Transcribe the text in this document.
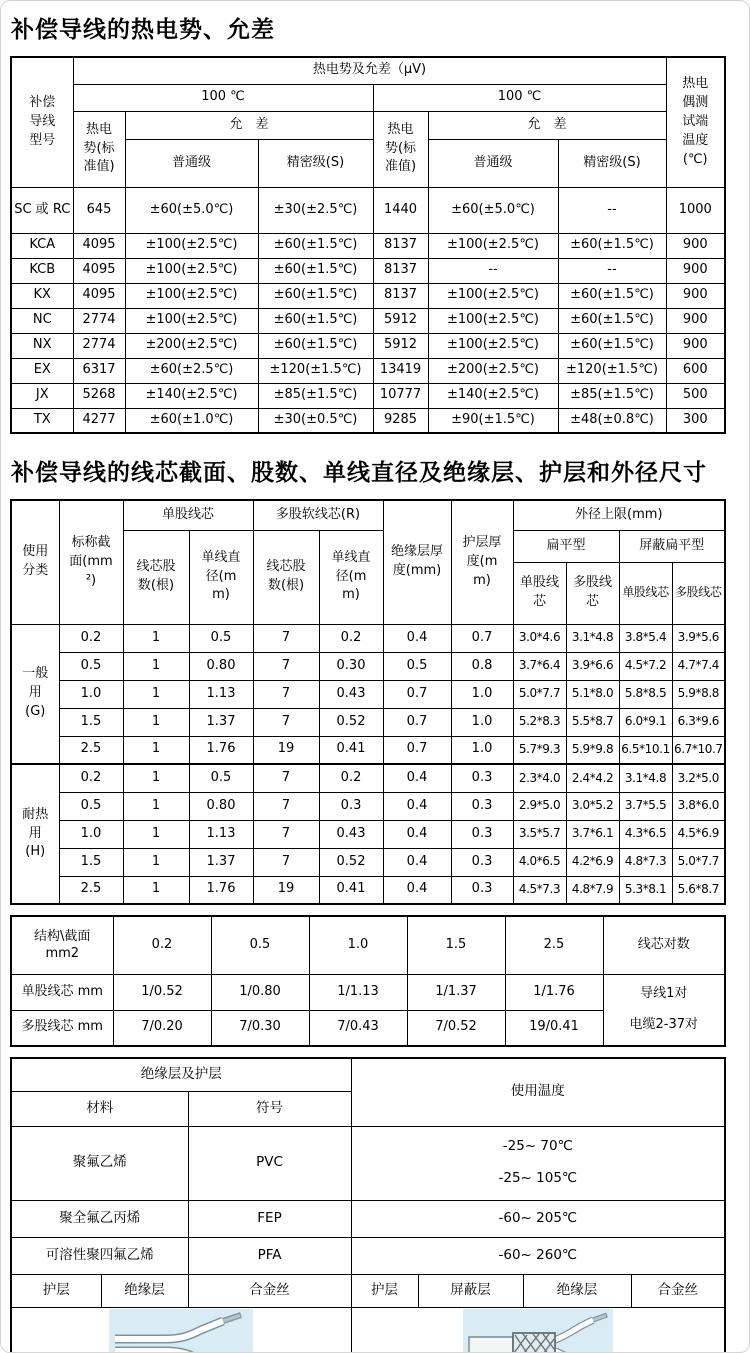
补偿导线的热电势、允差
补偿导线型号	热电势及允差（μV)						热电偶测试端温度(℃)

	100 ℃			100 ℃			

	热电势(标准值)	允　差		热电势(标准值)	允　差		
		普通级	精密级(S)		普通级	精密级(S)	
SC 或 RC	645	±60(±5.0℃)	±30(±2.5℃)	1440	±60(±5.0℃)	--	1000
KCA	4095	±100(±2.5℃)	±60(±1.5℃)	8137	±100(±2.5℃)	±60(±1.5℃)	900
KCB	4095	±100(±2.5℃)	±60(±1.5℃)	8137	--	--	900
KX	4095	±100(±2.5℃)	±60(±1.5℃)	8137	±100(±2.5℃)	±60(±1.5℃)	900
NC	2774	±100(±2.5℃)	±60(±1.5℃)	5912	±100(±2.5℃)	±60(±1.5℃)	900
NX	2774	±200(±2.5℃)	±60(±1.5℃)	5912	±100(±2.5℃)	±60(±1.5℃)	900
EX	6317	±60(±2.5℃)	±120(±1.5℃)	13419	±200(±2.5℃)	±120(±1.5℃)	600
JX	5268	±140(±2.5℃)	±85(±1.5℃)	10777	±140(±2.5℃)	±85(±1.5℃)	500
TX	4277	±60(±1.0℃)	±30(±0.5℃)	9285	±90(±1.5℃)	±48(±0.8℃)	300
补偿导线的线芯截面、股数、单线直径及绝缘层、护层和外径尺寸
使用分类	标称截面(mm²)	单股线芯		多股软线芯(R)		绝缘层厚度(mm)	护层厚度(mm)	外径上限(mm)			

		线芯股数(根)	单线直径(mm)	线芯股数(根)	单线直径(mm)			扁平型		屏蔽扁平型	

								单股线芯	多股线芯	单股线芯	多股线芯

一般用(G)	0.2	1	0.5	7	0.2	0.4	0.7	3.0*4.6	3.1*4.8	3.8*5.4	3.9*5.6
	0.5	1	0.80	7	0.30	0.5	0.8	3.7*6.4	3.9*6.6	4.5*7.2	4.7*7.4
	1.0	1	1.13	7	0.43	0.7	1.0	5.0*7.7	5.1*8.0	5.8*8.5	5.9*8.8
	1.5	1	1.37	7	0.52	0.7	1.0	5.2*8.3	5.5*8.7	6.0*9.1	6.3*9.6
	2.5	1	1.76	19	0.41	0.7	1.0	5.7*9.3	5.9*9.8	6.5*10.1	6.7*10.7

耐热用(H)	0.2	1	0.5	7	0.2	0.4	0.3	2.3*4.0	2.4*4.2	3.1*4.8	3.2*5.0
	0.5	1	0.80	7	0.3	0.4	0.3	2.9*5.0	3.0*5.2	3.7*5.5	3.8*6.0
	1.0	1	1.13	7	0.43	0.4	0.3	3.5*5.7	3.7*6.1	4.3*6.5	4.5*6.9
	1.5	1	1.37	7	0.52	0.4	0.3	4.0*6.5	4.2*6.9	4.8*7.3	5.0*7.7
	2.5	1	1.76	19	0.41	0.4	0.3	4.5*7.3	4.8*7.9	5.3*8.1	5.6*8.7
结构\截面
mm2	0.2	0.5	1.0	1.5	2.5	线芯对数
单股线芯 mm	1/0.52	1/0.80	1/1.13	1/1.37	1/1.76	导线1对
电缆2-37对

多股线芯 mm	7/0.20	7/0.30	7/0.43	7/0.52	19/0.41	
绝缘层及护层			使用温度			
材料		符号				
聚氟乙烯		PVC	-25~ 70℃
-25~ 105℃			

聚全氟乙丙烯		FEP	-60~ 205℃			
可溶性聚四氟乙烯		PFA	-60~ 260℃			
护层	绝缘层	合金丝	护层	屏蔽层	绝缘层	合金丝
